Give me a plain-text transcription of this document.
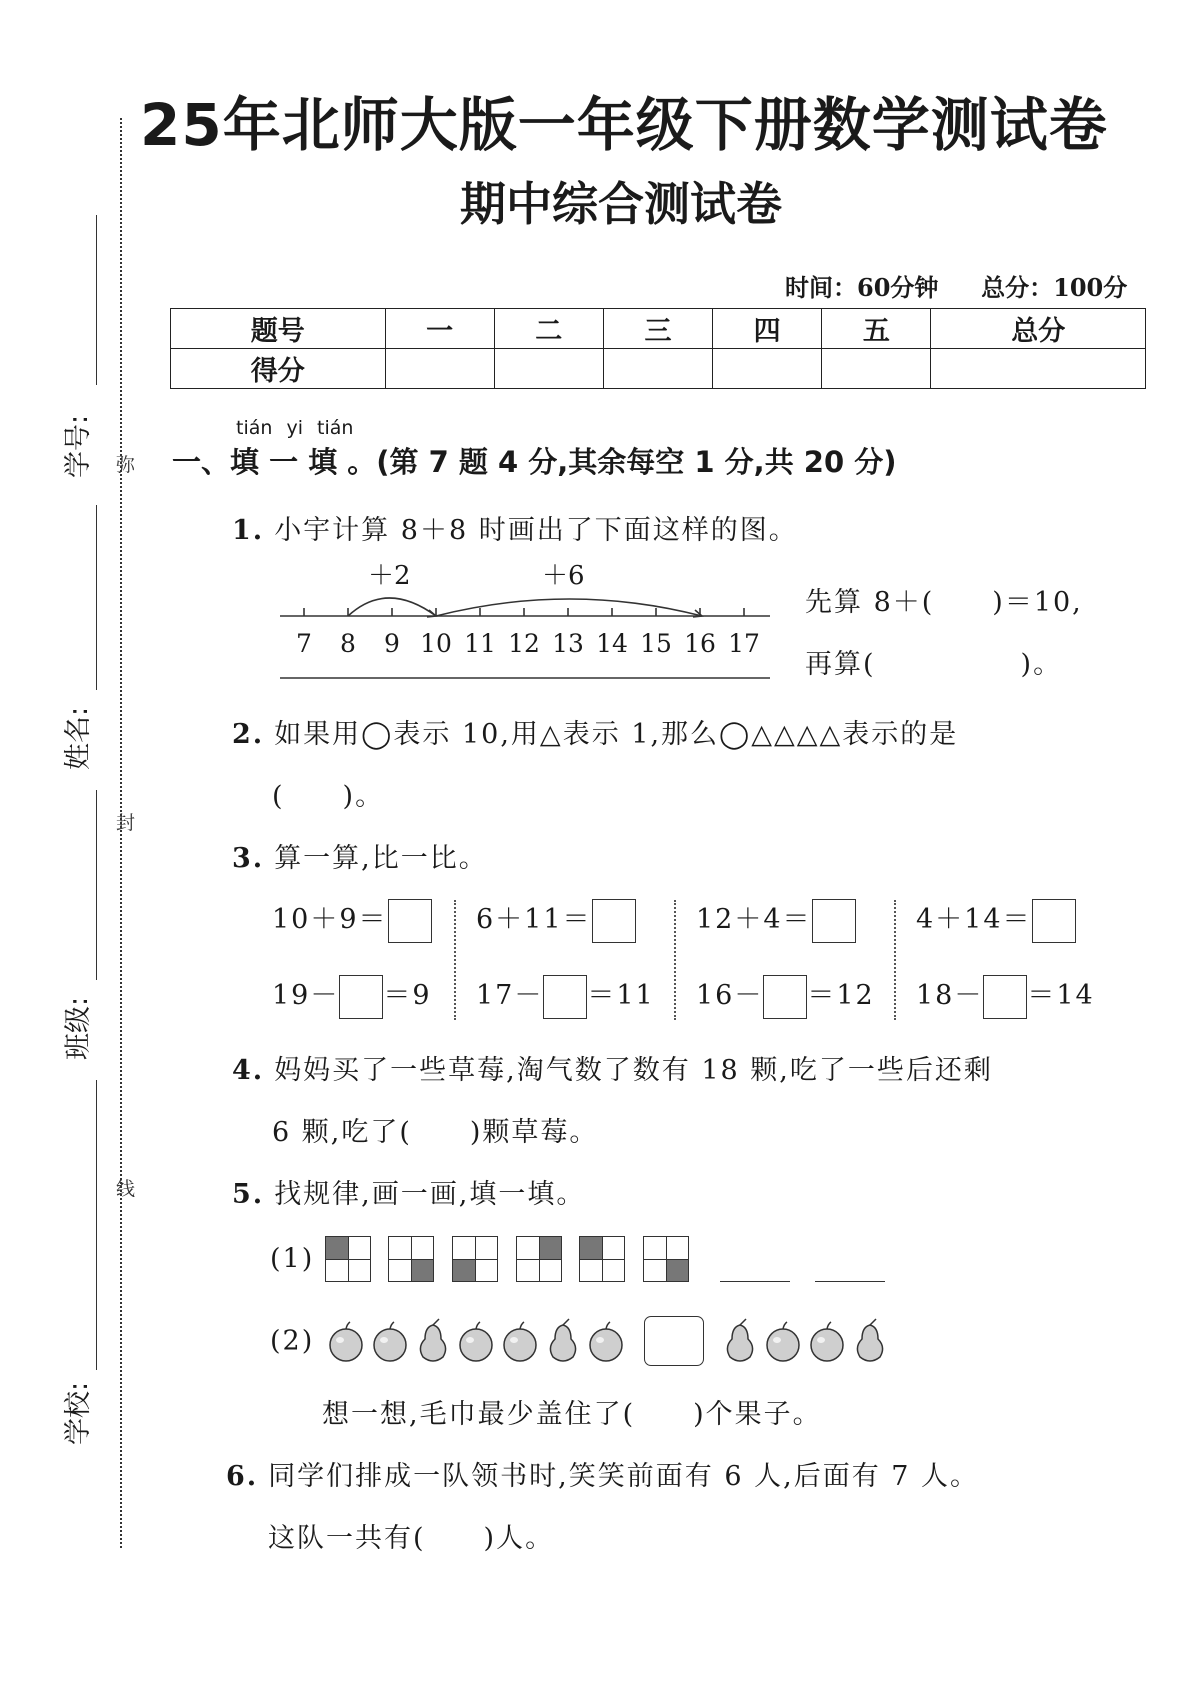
学号:
姓名:
班级:
学校:
弥
封
线
25年北师大版一年级下册数学测试卷
期中综合测试卷
时间：60分钟 总分：100分
题号	一	二	三	四	五	总分
得分						
tián yi tián
一、填 一 填 。(第 7 题 4 分,其余每空 1 分,共 20 分)
1. 小宇计算 8＋8 时画出了下面这样的图。
7 8 9 10 11 12 13 14 15 16 17
＋2	＋6
先算 8＋(　　)＝10,
再算(　　　　　)。
2. 如果用◯表示 10,用△表示 1,那么◯△△△△表示的是
(　　)。
3. 算一算,比一比。
10＋9＝	6＋11＝	12＋4＝	4＋14＝
19－ ＝9 17－ ＝11 16－ ＝12 18－ ＝14
4. 妈妈买了一些草莓,淘气数了数有 18 颗,吃了一些后还剩
6 颗,吃了(　　)颗草莓。
5. 找规律,画一画,填一填。
(1)

(2)
想一想,毛巾最少盖住了(　　)个果子。
6. 同学们排成一队领书时,笑笑前面有 6 人,后面有 7 人。
这队一共有(　　)人。
